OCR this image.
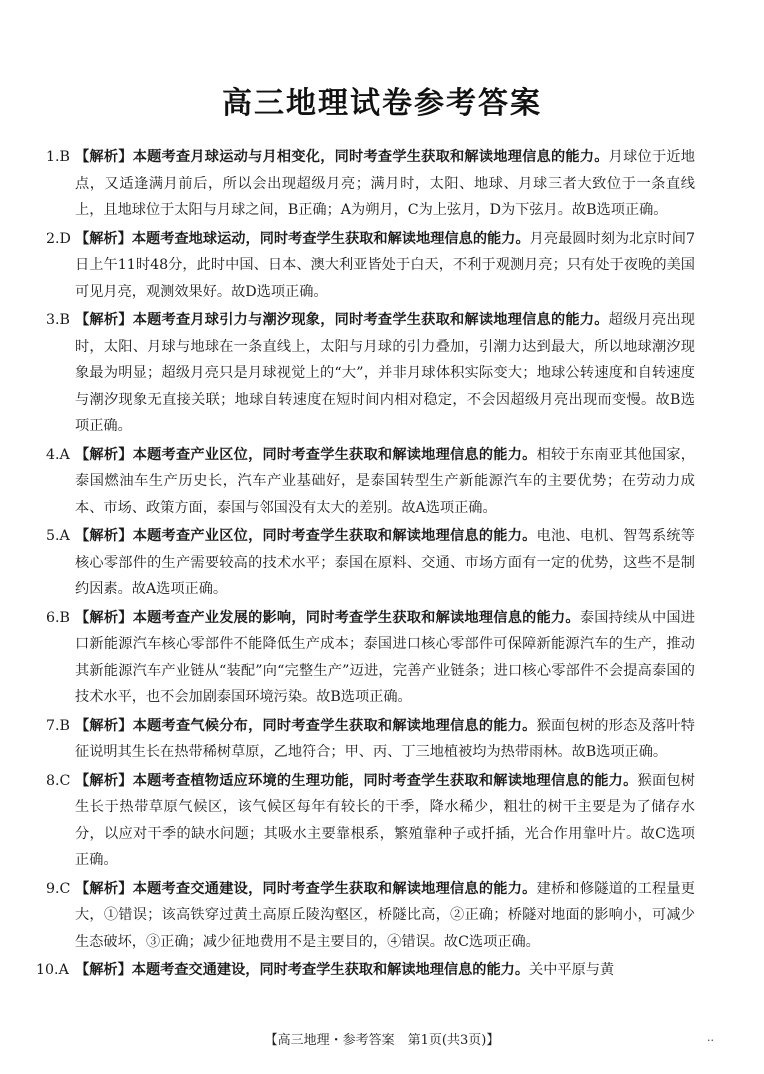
高三地理试卷参考答案
1.B 【解析】本题考查月球运动与月相变化，同时考查学生获取和解读地理信息的能力。月球位于近地点，又适逢满月前后，所以会出现超级月亮；满月时，太阳、地球、月球三者大致位于一条直线上，且地球位于太阳与月球之间，B正确；A为朔月，C为上弦月，D为下弦月。故B选项正确。
2.D 【解析】本题考查地球运动，同时考查学生获取和解读地理信息的能力。月亮最圆时刻为北京时间7日上午11时48分，此时中国、日本、澳大利亚皆处于白天，不利于观测月亮；只有处于夜晚的美国可见月亮，观测效果好。故D选项正确。
3.B 【解析】本题考查月球引力与潮汐现象，同时考查学生获取和解读地理信息的能力。超级月亮出现时，太阳、月球与地球在一条直线上，太阳与月球的引力叠加，引潮力达到最大，所以地球潮汐现象最为明显；超级月亮只是月球视觉上的“大”，并非月球体积实际变大；地球公转速度和自转速度与潮汐现象无直接关联；地球自转速度在短时间内相对稳定，不会因超级月亮出现而变慢。故B选项正确。
4.A 【解析】本题考查产业区位，同时考查学生获取和解读地理信息的能力。相较于东南亚其他国家，泰国燃油车生产历史长，汽车产业基础好，是泰国转型生产新能源汽车的主要优势；在劳动力成本、市场、政策方面，泰国与邻国没有太大的差别。故A选项正确。
5.A 【解析】本题考查产业区位，同时考查学生获取和解读地理信息的能力。电池、电机、智驾系统等核心零部件的生产需要较高的技术水平；泰国在原料、交通、市场方面有一定的优势，这些不是制约因素。故A选项正确。
6.B 【解析】本题考查产业发展的影响，同时考查学生获取和解读地理信息的能力。泰国持续从中国进口新能源汽车核心零部件不能降低生产成本；泰国进口核心零部件可保障新能源汽车的生产，推动其新能源汽车产业链从“装配”向“完整生产”迈进，完善产业链条；进口核心零部件不会提高泰国的技术水平，也不会加剧泰国环境污染。故B选项正确。
7.B 【解析】本题考查气候分布，同时考查学生获取和解读地理信息的能力。猴面包树的形态及落叶特征说明其生长在热带稀树草原，乙地符合；甲、丙、丁三地植被均为热带雨林。故B选项正确。
8.C 【解析】本题考查植物适应环境的生理功能，同时考查学生获取和解读地理信息的能力。猴面包树生长于热带草原气候区，该气候区每年有较长的干季，降水稀少，粗壮的树干主要是为了储存水分，以应对干季的缺水问题；其吸水主要靠根系，繁殖靠种子或扦插，光合作用靠叶片。故C选项正确。
9.C 【解析】本题考查交通建设，同时考查学生获取和解读地理信息的能力。建桥和修隧道的工程量更大，①错误；该高铁穿过黄土高原丘陵沟壑区，桥隧比高，②正确；桥隧对地面的影响小，可减少生态破坏，③正确；减少征地费用不是主要目的，④错误。故C选项正确。
10.A 【解析】本题考查交通建设，同时考查学生获取和解读地理信息的能力。关中平原与黄
【高三地理・参考答案　第1页(共3页)】	..
